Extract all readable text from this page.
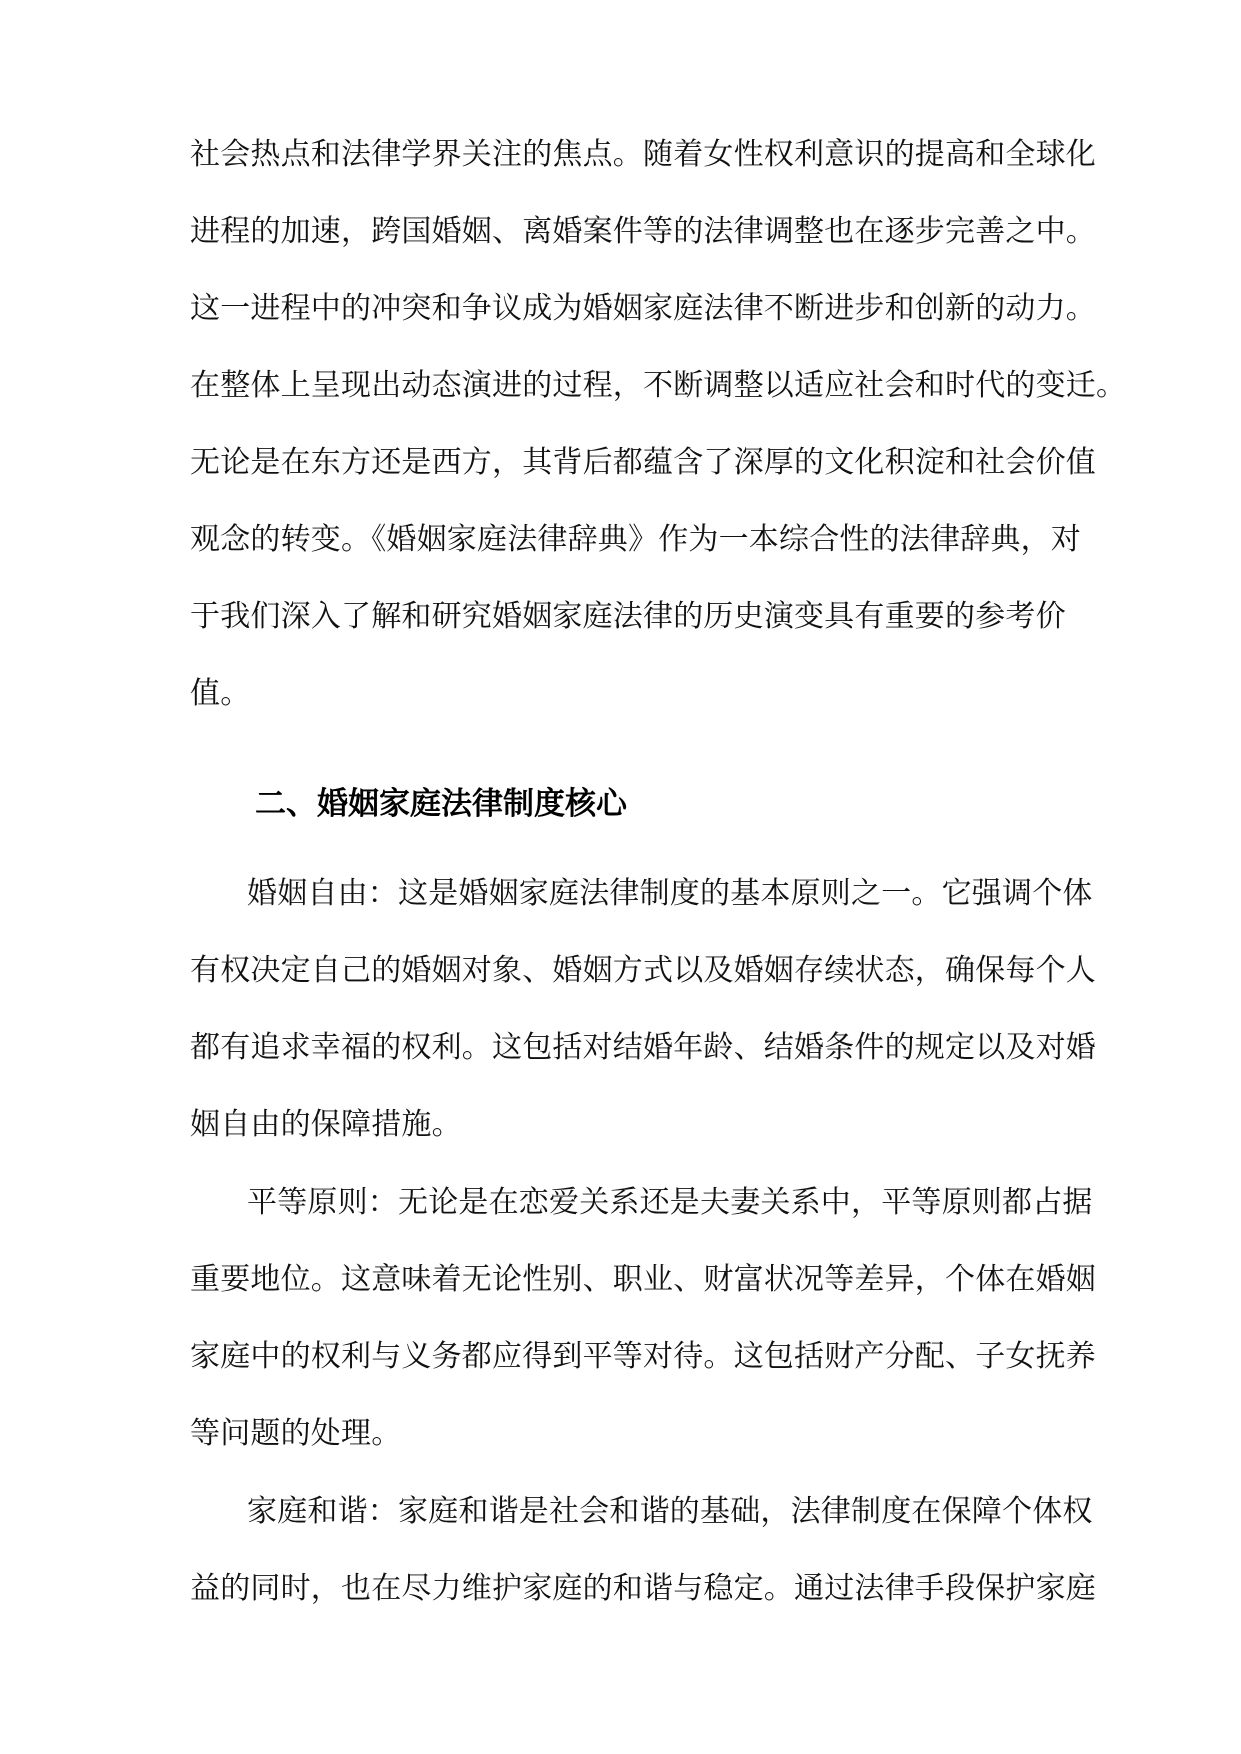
社会热点和法律学界关注的焦点。随着女性权利意识的提高和全球化
进程的加速，跨国婚姻、离婚案件等的法律调整也在逐步完善之中。
这一进程中的冲突和争议成为婚姻家庭法律不断进步和创新的动力。
在整体上呈现出动态演进的过程，不断调整以适应社会和时代的变迁。
无论是在东方还是西方，其背后都蕴含了深厚的文化积淀和社会价值
观念的转变。《婚姻家庭法律辞典》作为一本综合性的法律辞典，对
于我们深入了解和研究婚姻家庭法律的历史演变具有重要的参考价
值。
二、婚姻家庭法律制度核心
婚姻自由：这是婚姻家庭法律制度的基本原则之一。它强调个体
有权决定自己的婚姻对象、婚姻方式以及婚姻存续状态，确保每个人
都有追求幸福的权利。这包括对结婚年龄、结婚条件的规定以及对婚
姻自由的保障措施。
平等原则：无论是在恋爱关系还是夫妻关系中，平等原则都占据
重要地位。这意味着无论性别、职业、财富状况等差异，个体在婚姻
家庭中的权利与义务都应得到平等对待。这包括财产分配、子女抚养
等问题的处理。
家庭和谐：家庭和谐是社会和谐的基础，法律制度在保障个体权
益的同时，也在尽力维护家庭的和谐与稳定。通过法律手段保护家庭
